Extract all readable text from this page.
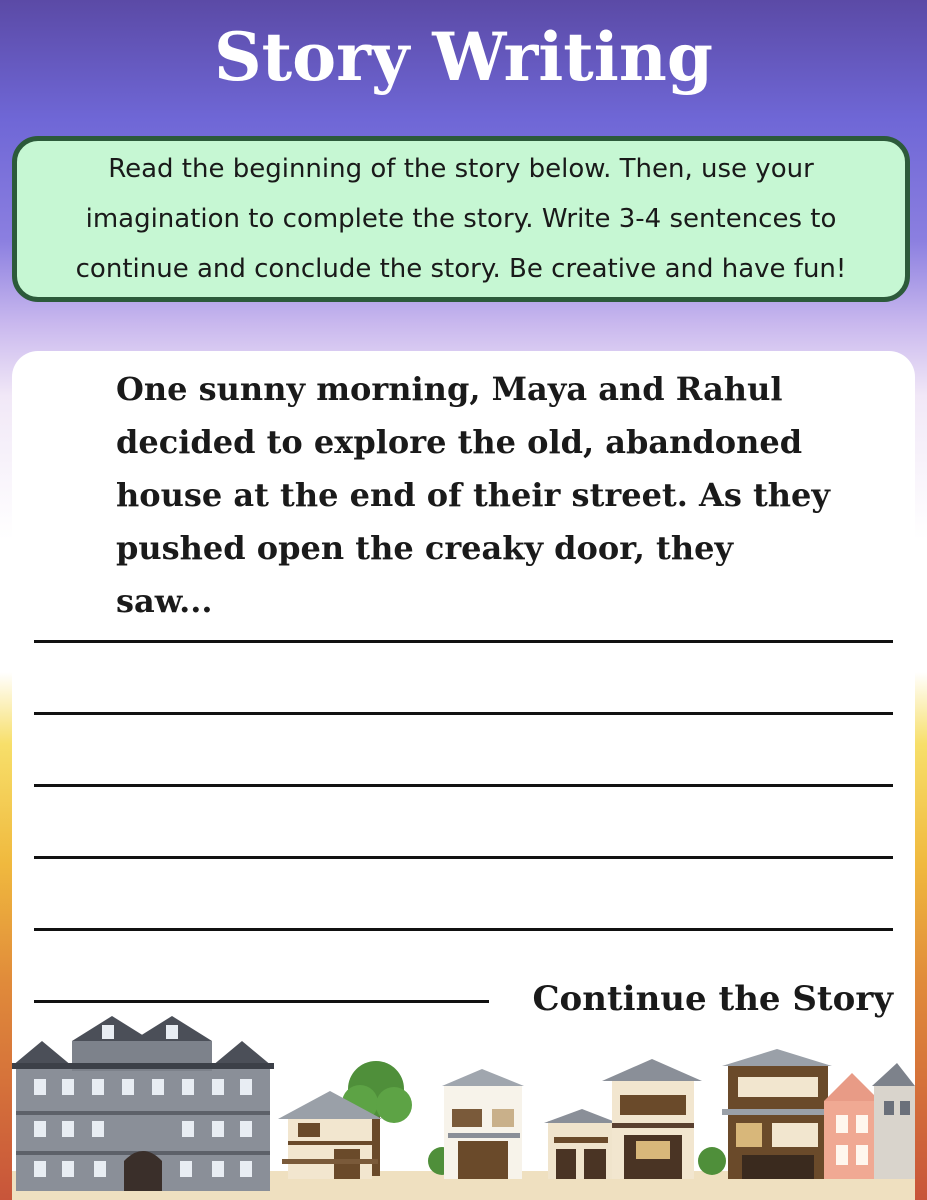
Story Writing
Read the beginning of the story below. Then, use your
imagination to complete the story. Write 3-4 sentences to
continue and conclude the story. Be creative and have fun!
One sunny morning, Maya and Rahul
decided to explore the old, abandoned
house at the end of their street. As they
pushed open the creaky door, they saw...
Continue the Story
